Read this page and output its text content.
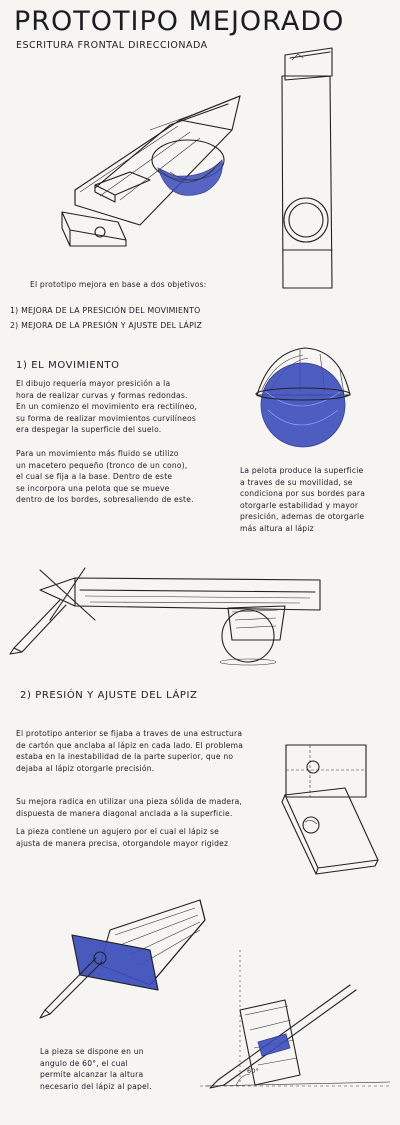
PROTOTIPO MEJORADO
ESCRITURA FRONTAL DIRECCIONADA
El prototipo mejora en base a dos objetivos:
1) MEJORA DE LA PRESICIÓN DEL MOVIMIENTO
2) MEJORA DE LA PRESIÓN Y AJUSTE DEL LÁPIZ
1) EL MOVIMIENTO
El dibujo requería mayor presición a la
hora de realizar curvas y formas redondas.
En un comienzo el movimiento era rectilíneo,
su forma de realizar movimientos curvilíneos
era despegar la superficie del suelo.
Para un movimiento más fluido se utilizo
un macetero pequeño (tronco de un cono),
el cual se fija a la base. Dentro de este
se incorpora una pelota que se mueve
dentro de los bordes, sobresaliendo de este.
La pelota produce la superficie
a traves de su movilidad, se
condiciona por sus bordes para
otorgarle estabilidad y mayor
presición, ademas de otorgarle
más altura al lápiz
2) PRESIÓN Y AJUSTE DEL LÁPIZ
El prototipo anterior se fijaba a traves de una estructura
de cartón que anclaba al lápiz en cada lado. El problema
estaba en la inestabilidad de la parte superior, que no
dejaba al lápiz otorgarle precisión.
Su mejora radica en utilizar una pieza sólida de madera,
dispuesta de manera diagonal anclada a la superficie.
La pieza contiene un agujero por el cual el lápiz se
ajusta de manera precisa, otorgandole mayor rigidez
60°
La pieza se dispone en un
angulo de 60°, el cual
permite alcanzar la altura
necesario del lápiz al papel.
